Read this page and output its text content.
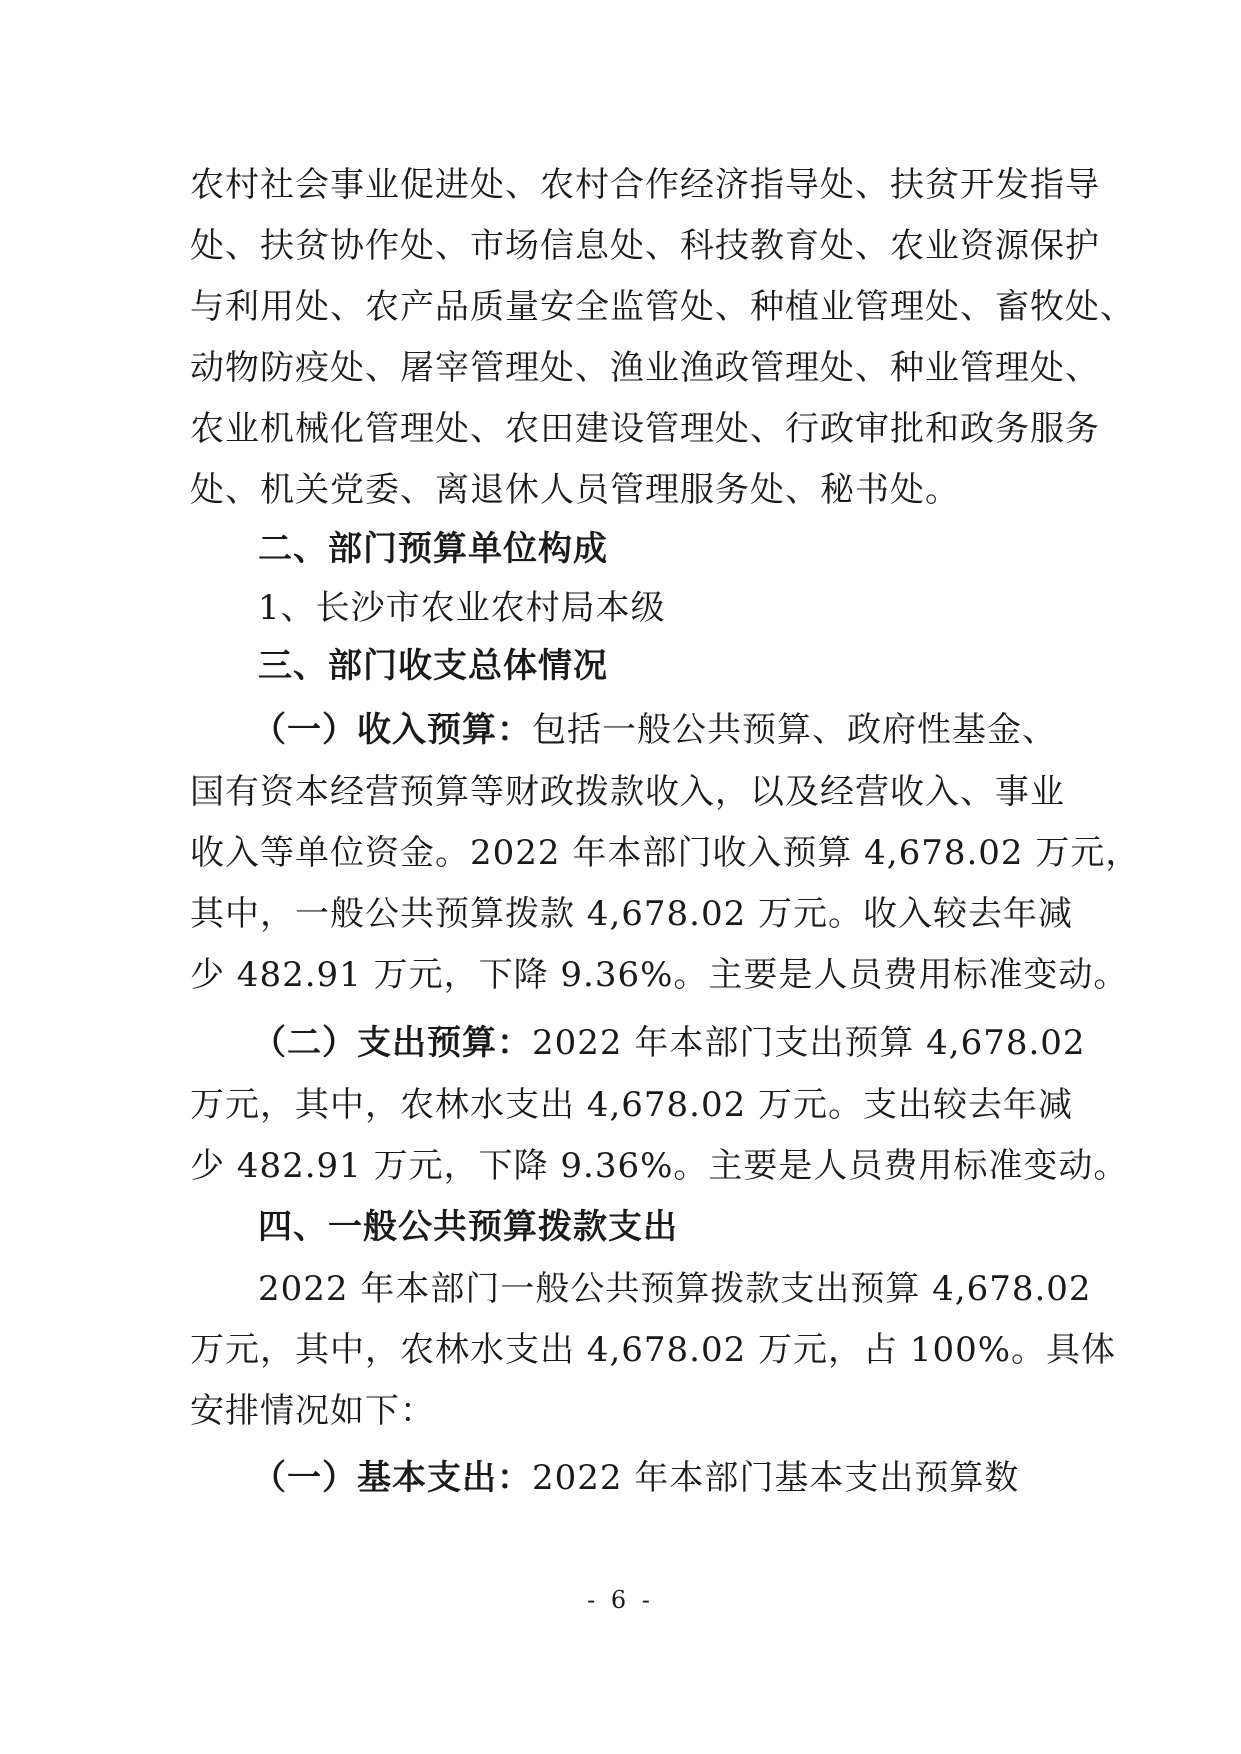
农村社会事业促进处、农村合作经济指导处、扶贫开发指导
处、扶贫协作处、市场信息处、科技教育处、农业资源保护
与利用处、农产品质量安全监管处、种植业管理处、畜牧处、
动物防疫处、屠宰管理处、渔业渔政管理处、种业管理处、
农业机械化管理处、农田建设管理处、行政审批和政务服务
处、机关党委、离退休人员管理服务处、秘书处。
二、部门预算单位构成
1、长沙市农业农村局本级
三、部门收支总体情况
（一）收入预算：包括一般公共预算、政府性基金、
国有资本经营预算等财政拨款收入，以及经营收入、事业
收入等单位资金。2022 年本部门收入预算 4,678.02 万元，
其中，一般公共预算拨款 4,678.02 万元。收入较去年减
少 482.91 万元，下降 9.36%。主要是人员费用标准变动。
（二）支出预算：2022 年本部门支出预算 4,678.02
万元，其中，农林水支出 4,678.02 万元。支出较去年减
少 482.91 万元，下降 9.36%。主要是人员费用标准变动。
四、一般公共预算拨款支出
2022 年本部门一般公共预算拨款支出预算 4,678.02
万元，其中，农林水支出 4,678.02 万元，占 100%。具体
安排情况如下：
（一）基本支出：2022 年本部门基本支出预算数
- 6 -
